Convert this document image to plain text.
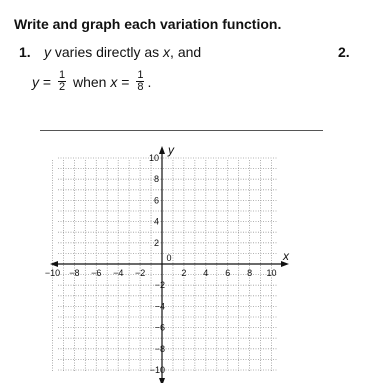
Write and graph each variation function.
1.	2.
y varies directly as x, and
$y = \frac{1}{2}$ when $x = \frac{1}{8}$ .
x
y
−10 −8 −6 −4 −2
0
2 4 6 8 10
2
4
6
8
10
−2
−4
−6
−8
−10
